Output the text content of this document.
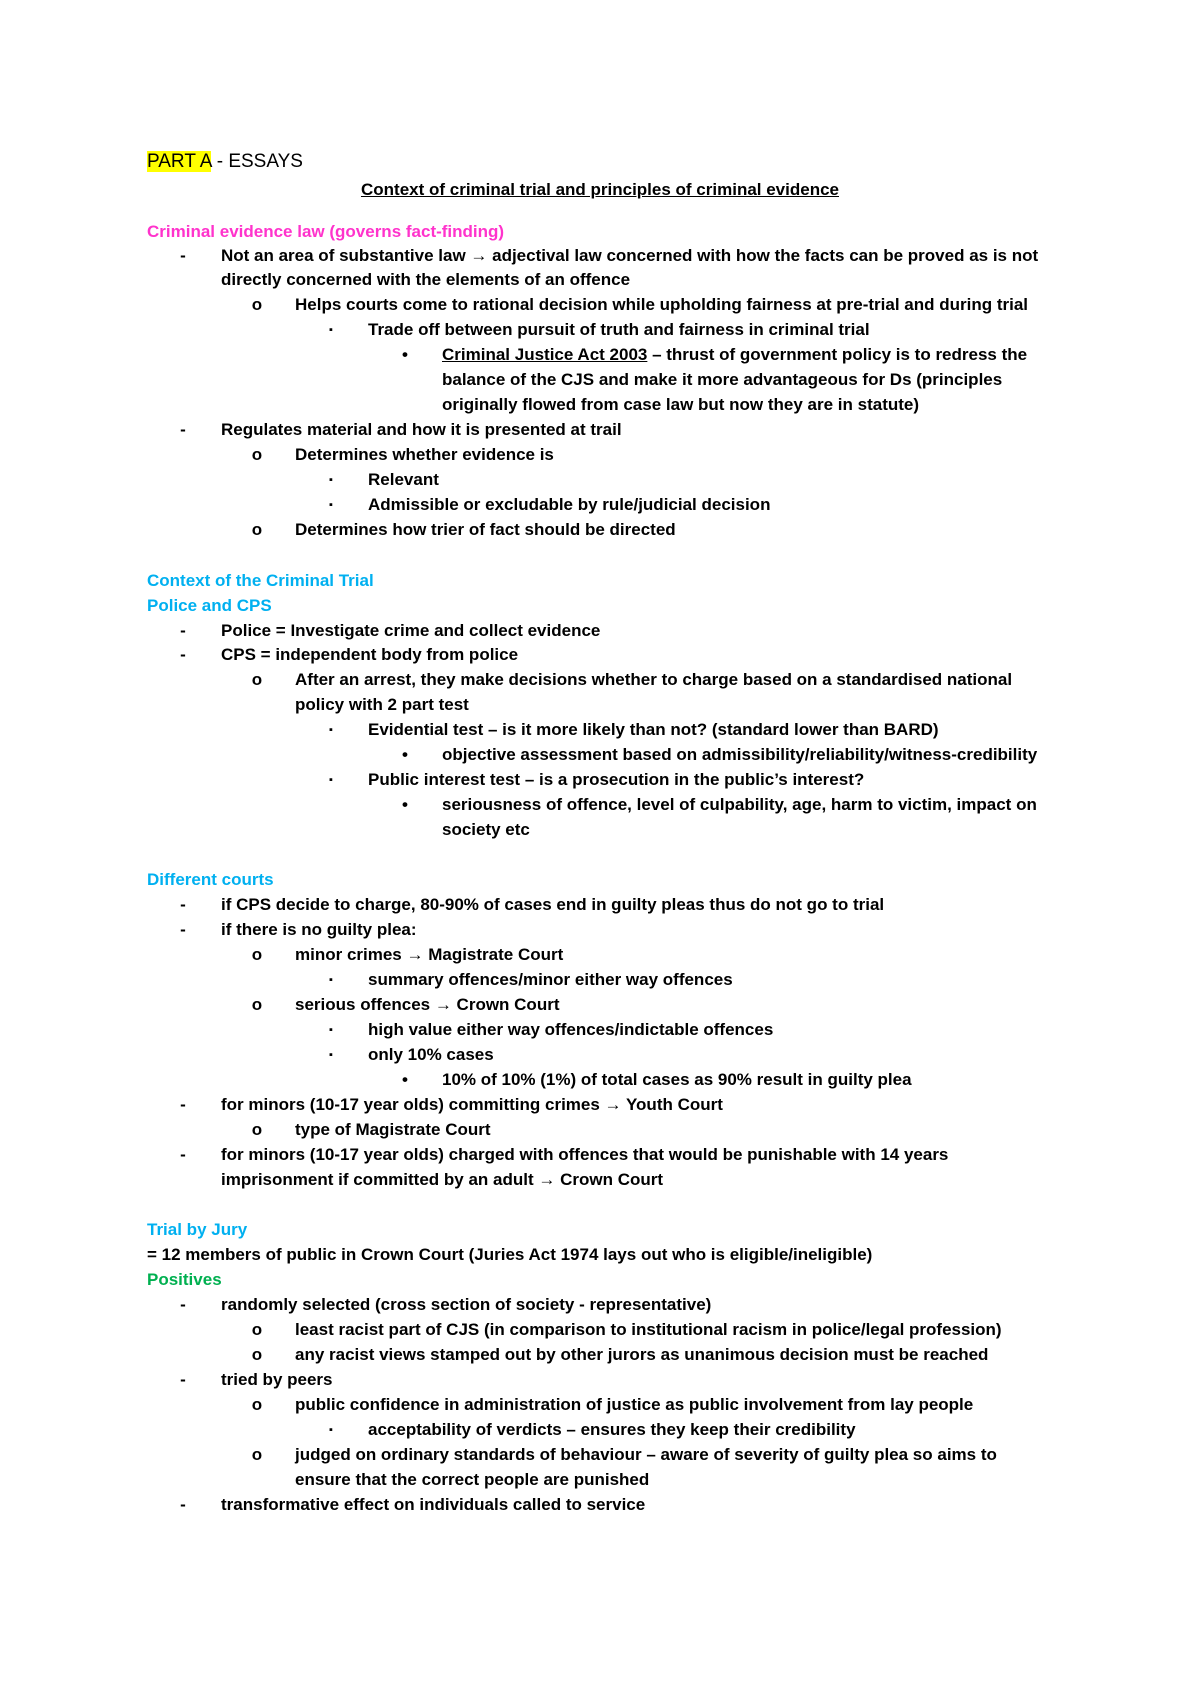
PART A - ESSAYS
Context of criminal trial and principles of criminal evidence
Criminal evidence law (governs fact-finding)
-	Not an area of substantive law → adjectival law concerned with how the facts can be proved as is not
directly concerned with the elements of an offence
o Helps courts come to rational decision while upholding fairness at pre-trial and during trial
▪	Trade off between pursuit of truth and fairness in criminal trial
• Criminal Justice Act 2003 – thrust of government policy is to redress the
balance of the CJS and make it more advantageous for Ds (principles
originally flowed from case law but now they are in statute)
-	Regulates material and how it is presented at trail
o Determines whether evidence is
▪	Relevant
▪	Admissible or excludable by rule/judicial decision
o Determines how trier of fact should be directed
Context of the Criminal Trial
Police and CPS
-	Police = Investigate crime and collect evidence
-	CPS = independent body from police
o After an arrest, they make decisions whether to charge based on a standardised national
policy with 2 part test
▪	Evidential test – is it more likely than not? (standard lower than BARD)
• objective assessment based on admissibility/reliability/witness-credibility
▪	Public interest test – is a prosecution in the public’s interest?
• seriousness of offence, level of culpability, age, harm to victim, impact on
society etc
Different courts
-	if CPS decide to charge, 80-90% of cases end in guilty pleas thus do not go to trial
-	if there is no guilty plea:
o minor crimes → Magistrate Court
▪	summary offences/minor either way offences
o serious offences → Crown Court
▪	high value either way offences/indictable offences
▪	only 10% cases
• 10% of 10% (1%) of total cases as 90% result in guilty plea
-	for minors (10-17 year olds) committing crimes → Youth Court
o type of Magistrate Court
-	for minors (10-17 year olds) charged with offences that would be punishable with 14 years
imprisonment if committed by an adult → Crown Court
Trial by Jury
= 12 members of public in Crown Court (Juries Act 1974 lays out who is eligible/ineligible)
Positives
-	randomly selected (cross section of society - representative)
o least racist part of CJS (in comparison to institutional racism in police/legal profession)
o any racist views stamped out by other jurors as unanimous decision must be reached
-	tried by peers
o public confidence in administration of justice as public involvement from lay people
▪	acceptability of verdicts – ensures they keep their credibility
o judged on ordinary standards of behaviour – aware of severity of guilty plea so aims to
ensure that the correct people are punished
-	transformative effect on individuals called to service
